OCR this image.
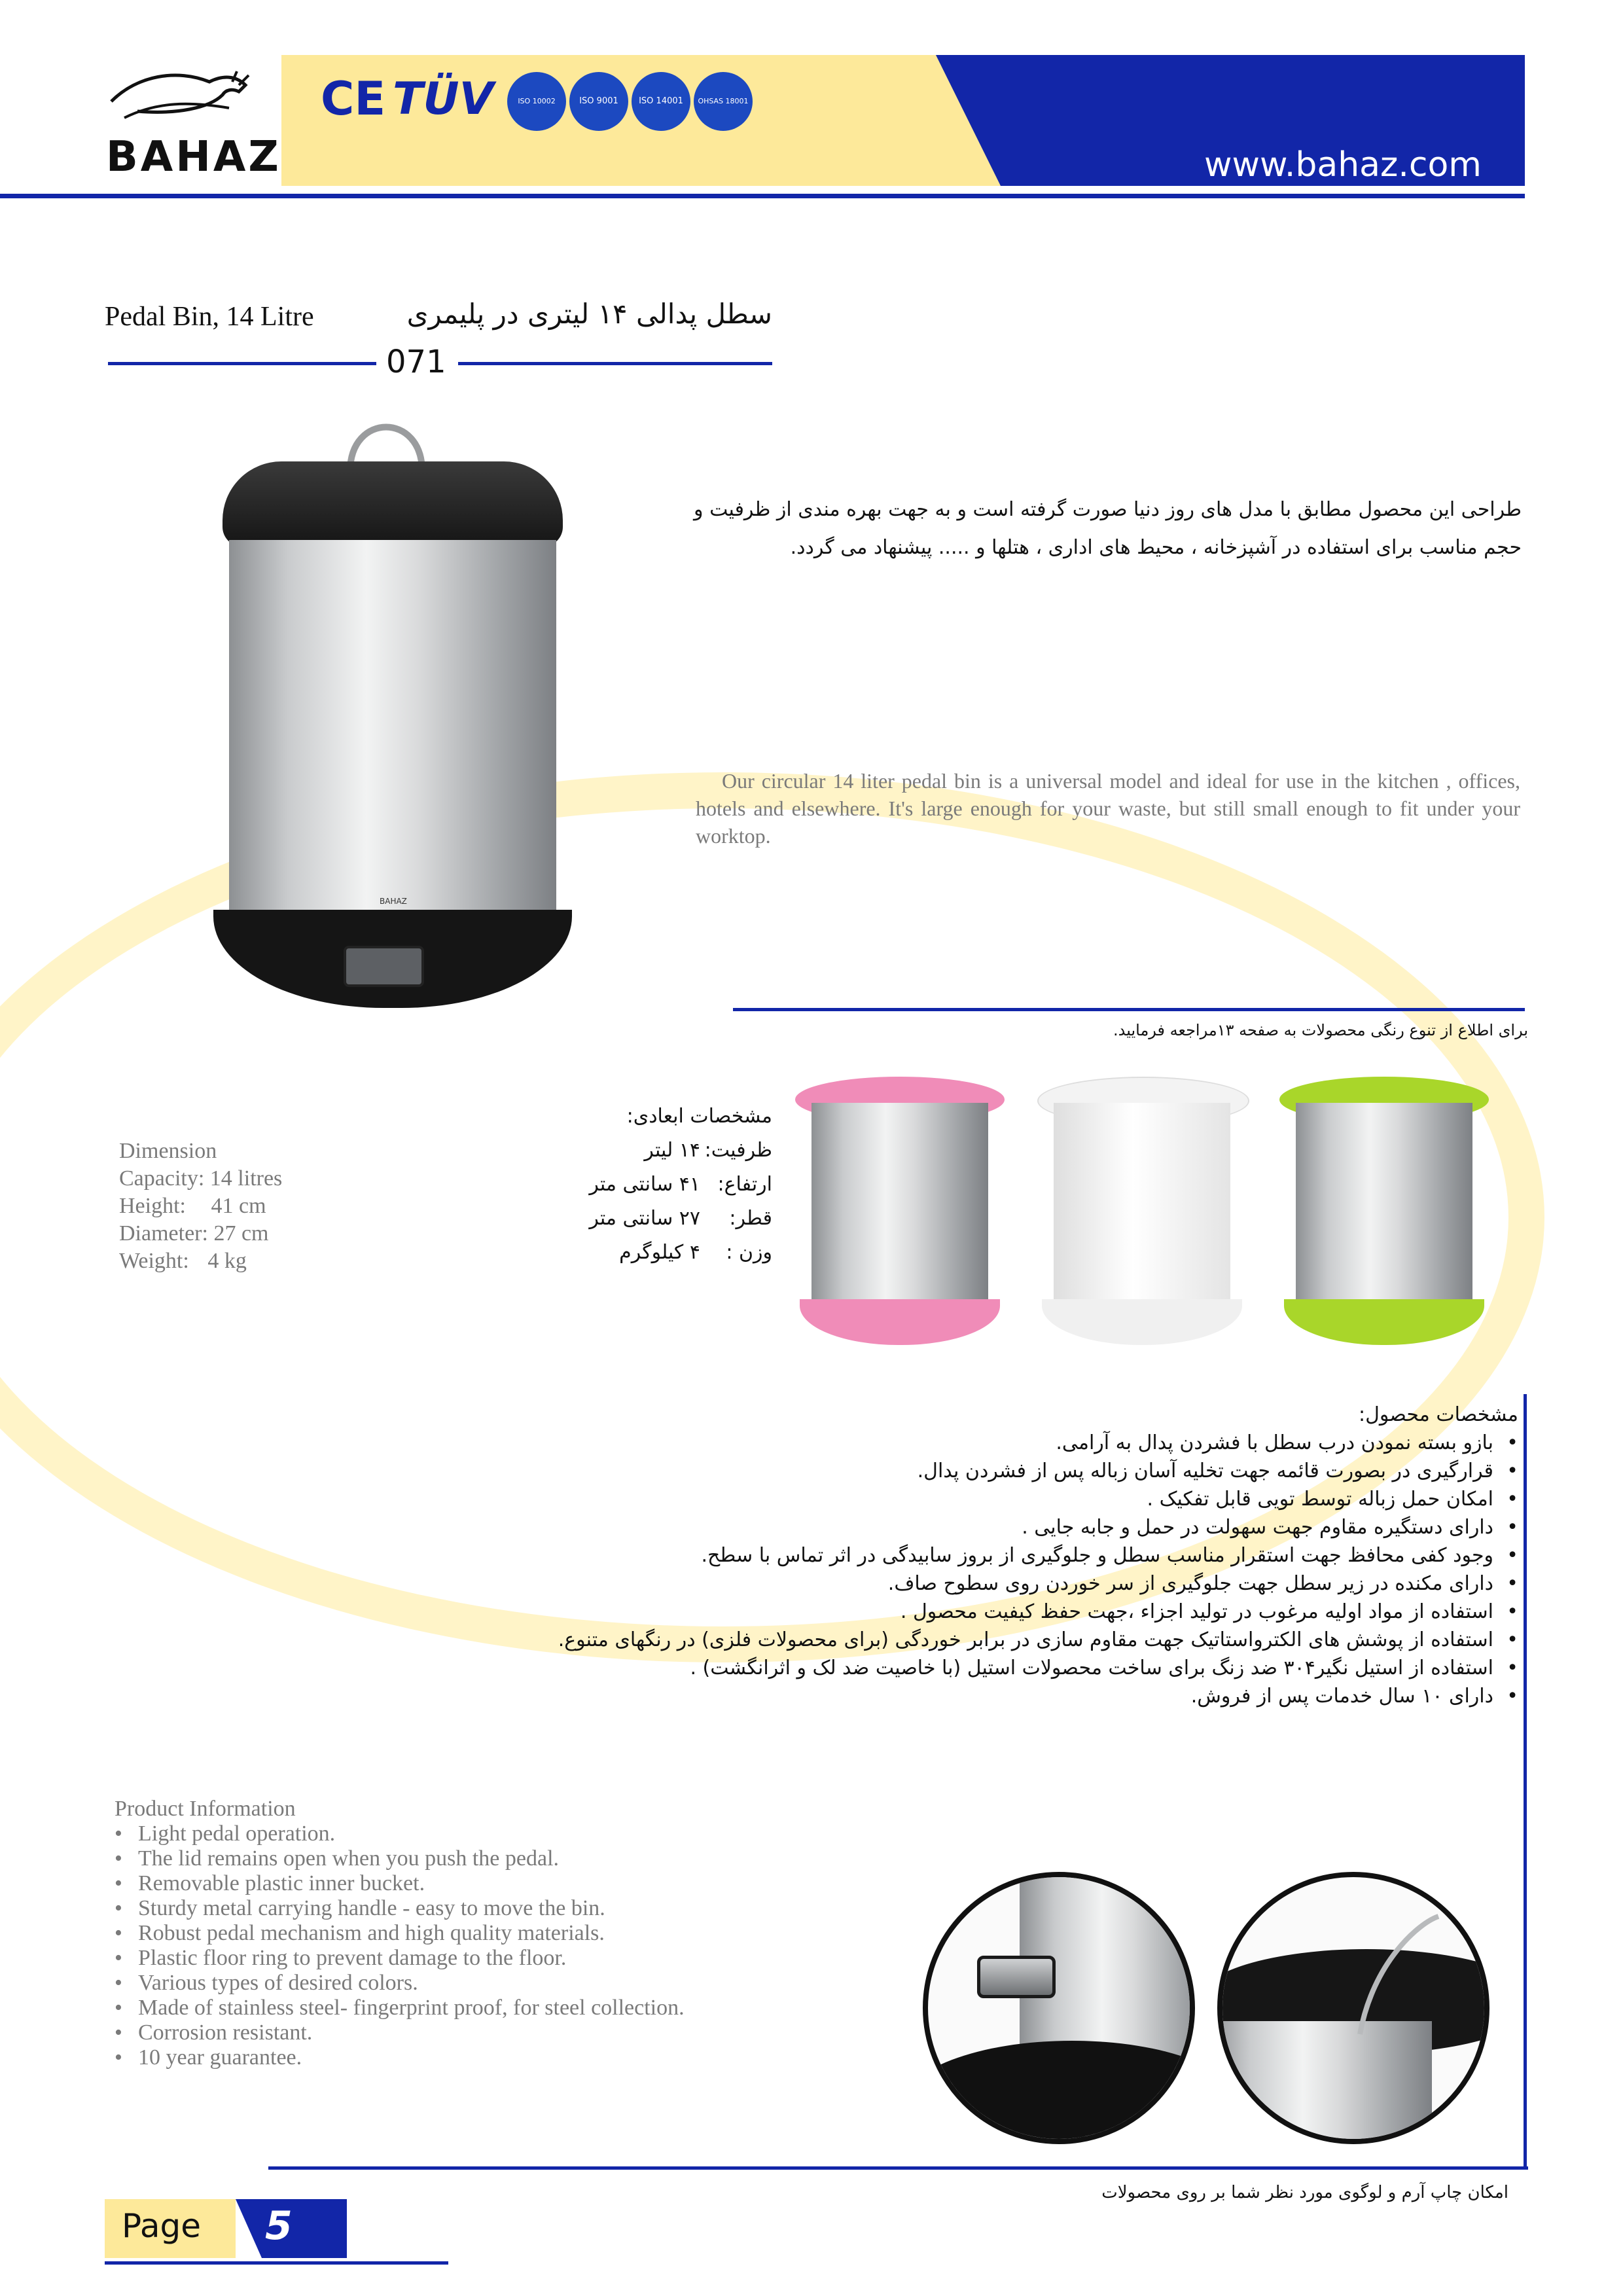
BAHAZ
CE TÜV	ISO 10002	ISO 9001	ISO 14001	OHSAS 18001
www.bahaz.com
Pedal Bin, 14 Litre	سطل پدالی ۱۴ لیتری در پلیمری
071
BAHAZ
طراحی این محصول مطابق با مدل های روز دنیا صورت گرفته است و به جهت بهره مندی از ظرفیت و حجم مناسب برای استفاده در آشپزخانه ، محیط های اداری ، هتلها و ..... پیشنهاد می گردد.
Our circular 14 liter pedal bin is a universal model and ideal for use in the kitchen , offices, hotels and elsewhere. It's large enough for your waste, but still small enough to fit under your worktop.
برای اطلاع از تنوع رنگی محصولات به صفحه ۱۳مراجعه فرمایید.
Dimension
Capacity: 14 litres
Height: 41 cm
Diameter: 27 cm
Weight: 4 kg
مشخصات ابعادی:
ظرفیت:
۱۴ لیتر
ارتفاع:
۴۱ سانتی متر
قطر:
۲۷ سانتی متر
وزن :
۴ کیلوگرم
مشخصات محصول:
• بازو بسته نمودن درب سطل با فشردن پدال به آرامی.
• قرارگیری در بصورت قائمه جهت تخلیه آسان زباله پس از فشردن پدال.
• امکان حمل زباله توسط تویی قابل تفکیک .
• دارای دستگیره مقاوم جهت سهولت در حمل و جابه جایی .
• وجود کفی محافظ جهت استقرار مناسب سطل و جلوگیری از بروز سابیدگی در اثر تماس با سطح.
• دارای مکنده در زیر سطل جهت جلوگیری از سر خوردن روی سطوح صاف.
• استفاده از مواد اولیه مرغوب در تولید اجزاء ،جهت حفظ کیفیت محصول .
• استفاده از پوشش های الکترواستاتیک جهت مقاوم سازی در برابر خوردگی (برای محصولات فلزی) در رنگهای متنوع.
• استفاده از استیل نگیر۳۰۴ ضد زنگ برای ساخت محصولات استیل (با خاصیت ضد لک و اثرانگشت) .
• دارای ۱۰ سال خدمات پس از فروش.
Product Information
• Light pedal operation.
• The lid remains open when you push the pedal.
• Removable plastic inner bucket.
• Sturdy metal carrying handle - easy to move the bin.
• Robust pedal mechanism and high quality materials.
• Plastic floor ring to prevent damage to the floor.
• Various types of desired colors.
• Made of stainless steel- fingerprint proof, for steel collection.
• Corrosion resistant.
• 10 year guarantee.
امکان چاپ آرم و لوگوی مورد نظر شما بر روی محصولات
Page 5
